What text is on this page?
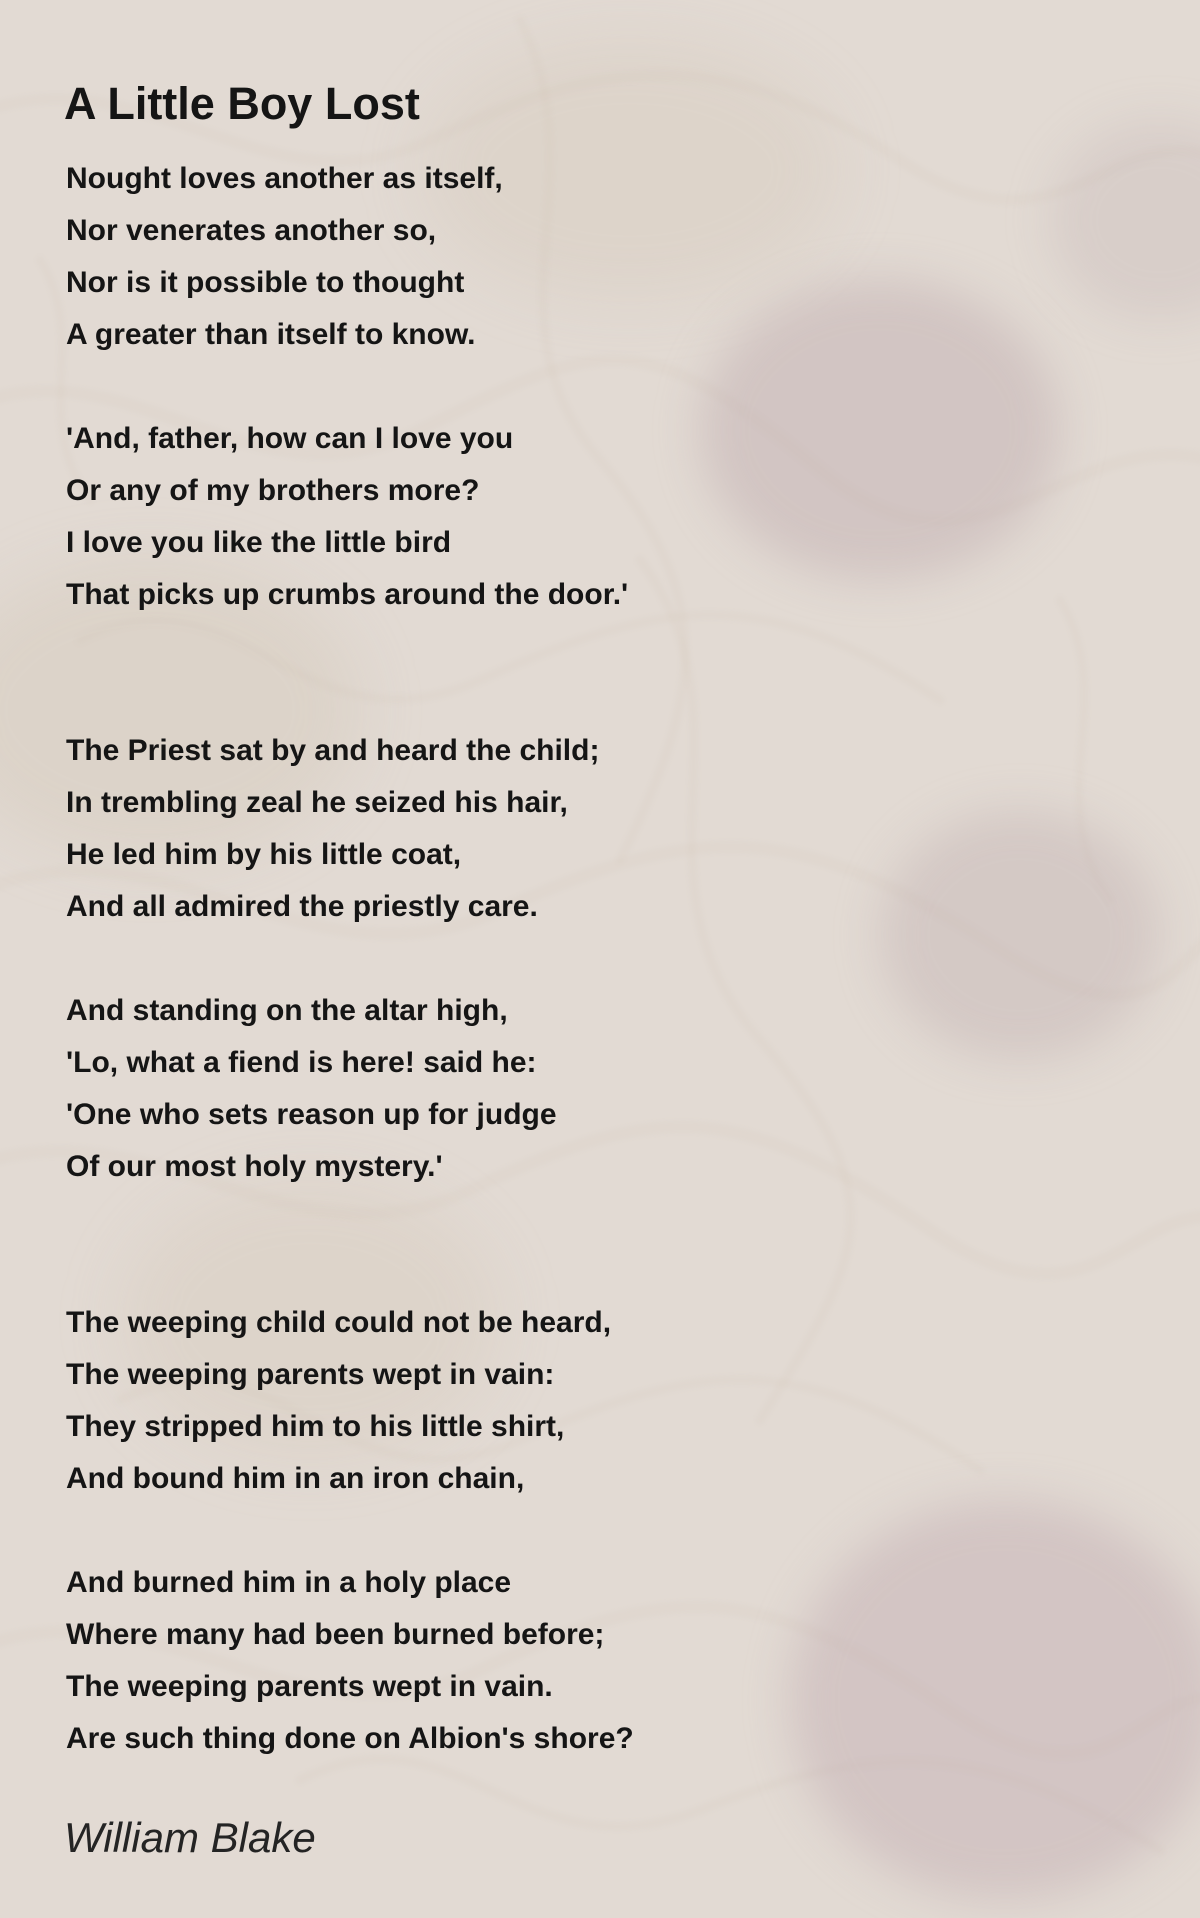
A Little Boy Lost
Nought loves another as itself,
Nor venerates another so,
Nor is it possible to thought
A greater than itself to know.
'And, father, how can I love you
Or any of my brothers more?
I love you like the little bird
That picks up crumbs around the door.'
The Priest sat by and heard the child;
In trembling zeal he seized his hair,
He led him by his little coat,
And all admired the priestly care.
And standing on the altar high,
'Lo, what a fiend is here! said he:
'One who sets reason up for judge
Of our most holy mystery.'
The weeping child could not be heard,
The weeping parents wept in vain:
They stripped him to his little shirt,
And bound him in an iron chain,
And burned him in a holy place
Where many had been burned before;
The weeping parents wept in vain.
Are such thing done on Albion's shore?
William Blake
